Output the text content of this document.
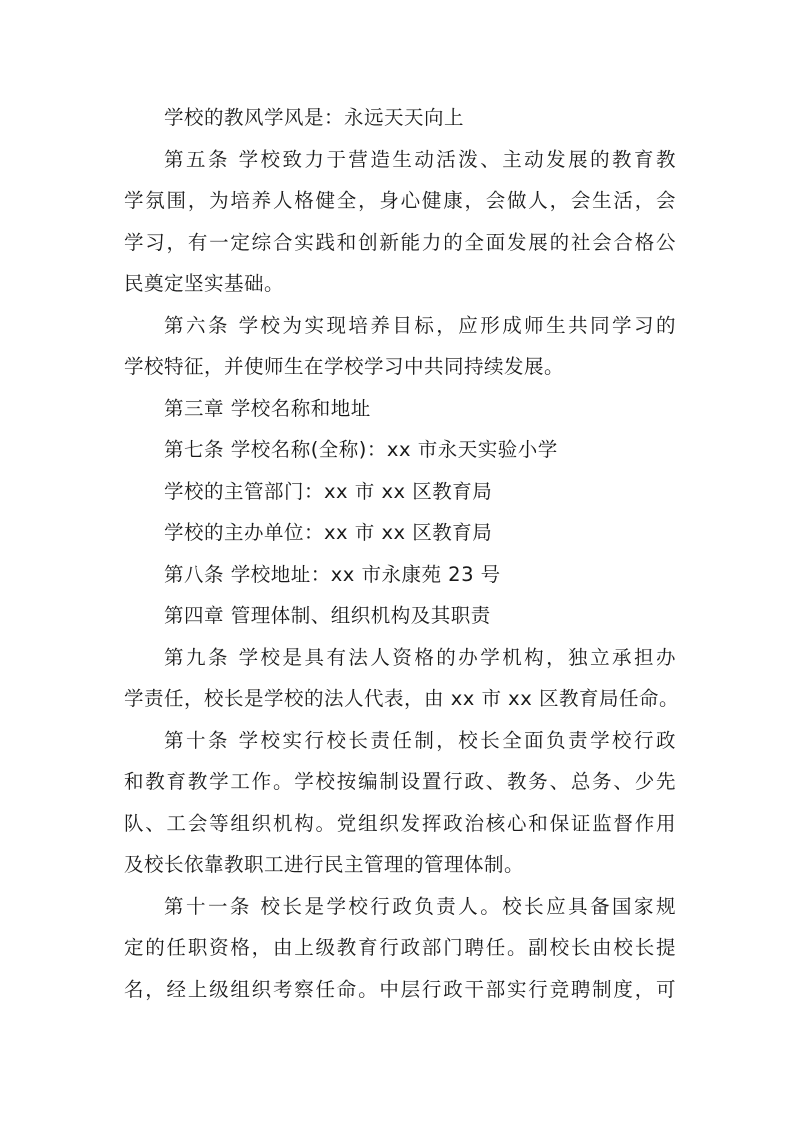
学校的教风学风是：永远天天向上
第五条 学校致力于营造生动活泼、主动发展的教育教
学氛围，为培养人格健全，身心健康，会做人，会生活，会
学习，有一定综合实践和创新能力的全面发展的社会合格公
民奠定坚实基础。
第六条 学校为实现培养目标，应形成师生共同学习的
学校特征，并使师生在学校学习中共同持续发展。
第三章 学校名称和地址
第七条 学校名称(全称)：xx 市永天实验小学
学校的主管部门：xx 市 xx 区教育局
学校的主办单位：xx 市 xx 区教育局
第八条 学校地址：xx 市永康苑 23 号
第四章 管理体制、组织机构及其职责
第九条 学校是具有法人资格的办学机构，独立承担办
学责任，校长是学校的法人代表，由 xx 市 xx 区教育局任命。
第十条 学校实行校长责任制，校长全面负责学校行政
和教育教学工作。学校按编制设置行政、教务、总务、少先
队、工会等组织机构。党组织发挥政治核心和保证监督作用
及校长依靠教职工进行民主管理的管理体制。
第十一条 校长是学校行政负责人。校长应具备国家规
定的任职资格，由上级教育行政部门聘任。副校长由校长提
名，经上级组织考察任命。中层行政干部实行竞聘制度，可
